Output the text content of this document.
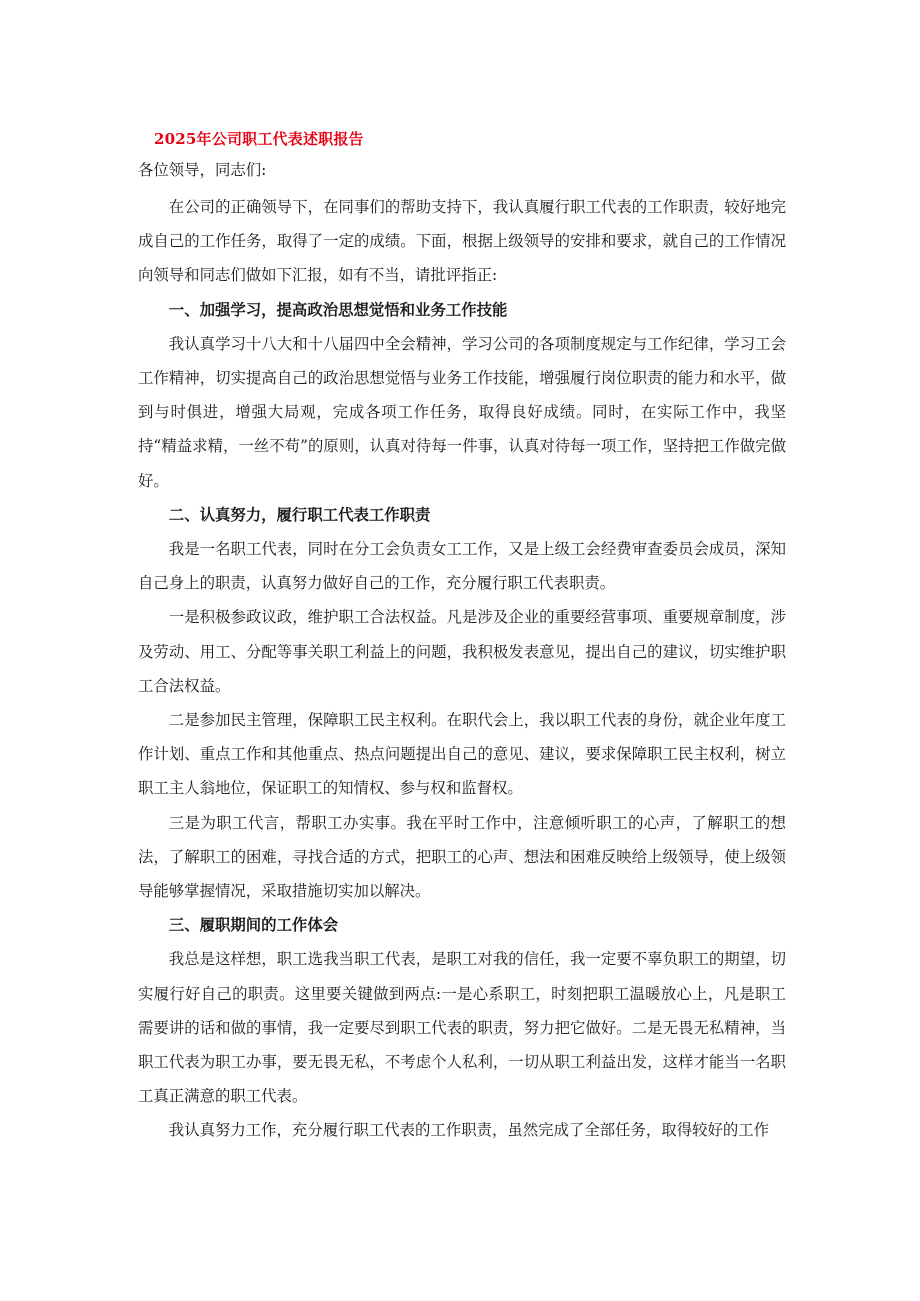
2025年公司职工代表述职报告
各位领导，同志们:

在公司的正确领导下，在同事们的帮助支持下，我认真履行职工代表的工作职责，较好地完成自己的工作任务，取得了一定的成绩。下面，根据上级领导的安排和要求，就自己的工作情况向领导和同志们做如下汇报，如有不当，请批评指正:

一、加强学习，提高政治思想觉悟和业务工作技能

我认真学习十八大和十八届四中全会精神，学习公司的各项制度规定与工作纪律，学习工会工作精神，切实提高自己的政治思想觉悟与业务工作技能，增强履行岗位职责的能力和水平，做到与时俱进，增强大局观，完成各项工作任务，取得良好成绩。同时，在实际工作中，我坚持“精益求精，一丝不苟”的原则，认真对待每一件事，认真对待每一项工作，坚持把工作做完做好。

二、认真努力，履行职工代表工作职责

我是一名职工代表，同时在分工会负责女工工作，又是上级工会经费审查委员会成员，深知自己身上的职责，认真努力做好自己的工作，充分履行职工代表职责。

一是积极参政议政，维护职工合法权益。凡是涉及企业的重要经营事项、重要规章制度，涉及劳动、用工、分配等事关职工利益上的问题，我积极发表意见，提出自己的建议，切实维护职工合法权益。

二是参加民主管理，保障职工民主权利。在职代会上，我以职工代表的身份，就企业年度工作计划、重点工作和其他重点、热点问题提出自己的意见、建议，要求保障职工民主权利，树立职工主人翁地位，保证职工的知情权、参与权和监督权。

三是为职工代言，帮职工办实事。我在平时工作中，注意倾听职工的心声，了解职工的想法，了解职工的困难，寻找合适的方式，把职工的心声、想法和困难反映给上级领导，使上级领导能够掌握情况，采取措施切实加以解决。

三、履职期间的工作体会

我总是这样想，职工选我当职工代表，是职工对我的信任，我一定要不辜负职工的期望，切实履行好自己的职责。这里要关键做到两点:一是心系职工，时刻把职工温暖放心上，凡是职工需要讲的话和做的事情，我一定要尽到职工代表的职责，努力把它做好。二是无畏无私精神，当职工代表为职工办事，要无畏无私，不考虑个人私利，一切从职工利益出发，这样才能当一名职工真正满意的职工代表。

我认真努力工作，充分履行职工代表的工作职责，虽然完成了全部任务，取得较好的工作
